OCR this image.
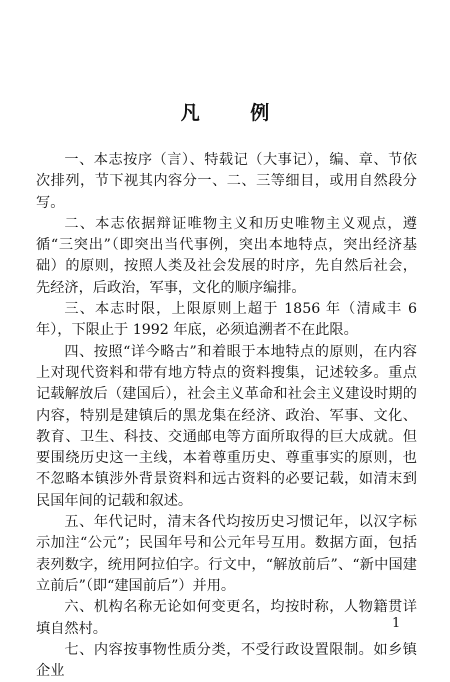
凡 例

一、本志按序（言）、特载记（大事记），编、章、节依次排列，节下视其内容分一、二、三等细目，或用自然段分写。

二、本志依据辩证唯物主义和历史唯物主义观点，遵循“三突出”（即突出当代事例，突出本地特点，突出经济基础）的原则，按照人类及社会发展的时序，先自然后社会，先经济，后政治，军事，文化的顺序编排。

三、本志时限，上限原则上超于 1856 年（清咸丰 6 年），下限止于 1992 年底，必须追溯者不在此限。

四、按照“详今略古”和着眼于本地特点的原则，在内容上对现代资料和带有地方特点的资料搜集，记述较多。重点记载解放后（建国后），社会主义革命和社会主义建设时期的内容，特别是建镇后的黑龙集在经济、政治、军事、文化、教育、卫生、科技、交通邮电等方面所取得的巨大成就。但要围绕历史这一主线，本着尊重历史、尊重事实的原则，也不忽略本镇涉外背景资料和远古资料的必要记载，如清末到民国年间的记载和叙述。

五、年代记时，清末各代均按历史习惯记年，以汉字标示加注“公元”；民国年号和公元年号互用。数据方面，包括表列数字，统用阿拉伯字。行文中，“解放前后”、“新中国建立前后”（即“建国前后”）并用。

六、机构名称无论如何变更名，均按时称，人物籍贯详填自然村。

七、内容按事物性质分类，不受行政设置限制。如乡镇企业

1
